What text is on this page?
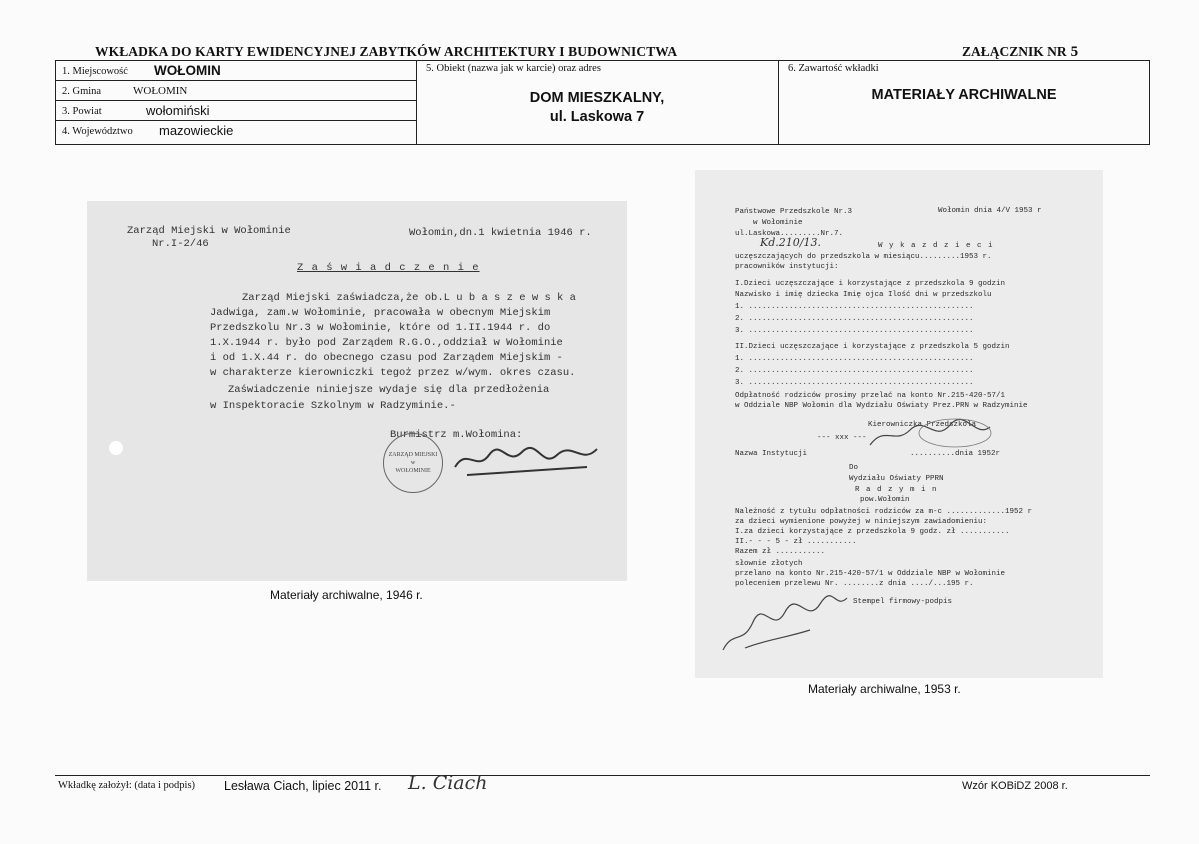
WKŁADKA DO KARTY EWIDENCYJNEJ ZABYTKÓW ARCHITEKTURY I BUDOWNICTWA	ZAŁĄCZNIK NR 5
1. Miejscowość WOŁOMIN
2. Gmina	WOŁOMIN
3. Powiat	wołomiński
4. Województwo mazowieckie
5. Obiekt (nazwa jak w karcie) oraz adres
DOM MIESZKALNY,
ul. Laskowa 7
6. Zawartość wkładki
MATERIAŁY ARCHIWALNE
Zarząd Miejski w Wołominie
Nr.I-2/46
Wołomin,dn.1 kwietnia 1946 r.
Z a ś w i a d c z e n i e
Zarząd Miejski zaświadcza,że ob.L u b a s z e w s k a
Jadwiga, zam.w Wołominie, pracowała w obecnym Miejskim
Przedszkolu Nr.3 w Wołominie, które od 1.II.1944 r. do
1.X.1944 r. było pod Zarządem R.G.O.,oddział w Wołominie
i od 1.X.44 r. do obecnego czasu pod Zarządem Miejskim -
w charakterze kierowniczki tegoż przez w/wym. okres czasu.
Zaświadczenie niniejsze wydaje się dla przedłożenia
w Inspektoracie Szkolnym w Radzyminie.-
Burmistrz m.Wołomina:
ZARZĄD MIEJSKI
w
WOŁOMINIE
Materiały archiwalne, 1946 r.
Państwowe Przedszkole Nr.3	Wołomin dnia 4/V 1953 r
w Wołominie
ul.Laskowa.........Nr.7.
Kd.210/13.	W y k a z d z i e c i
uczęszczających do przedszkola w miesiącu.........1953 r.
pracowników instytucji:
I.Dzieci uczęszczające i korzystające z przedszkola 9 godzin
Nazwisko i imię dziecka Imię ojca Ilość dni w przedszkolu
1. ..................................................
2. ..................................................
3. ..................................................
II.Dzieci uczęszczające i korzystające z przedszkola 5 godzin
1. ..................................................
2. ..................................................
3. ..................................................
Odpłatność rodziców prosimy przelać na konto Nr.215-420-57/1
w Oddziale NBP Wołomin dla Wydziału Oświaty Prez.PRN w Radzyminie
Kierowniczka Przedszkola
--- xxx ---
Nazwa Instytucji	..........dnia 1952r
Do
Wydziału Oświaty PPRN
R a d z y m i n
pow.Wołomin
Należność z tytułu odpłatności rodziców za m-c .............1952 r
za dzieci wymienione powyżej w niniejszym zawiadomieniu:
I.za dzieci korzystające z przedszkola 9 godz. zł ...........
II.- - - 5 - zł ...........
Razem zł ...........
słownie złotych
przelano na konto Nr.215-420-57/1 w Oddziale NBP w Wołominie
poleceniem przelewu Nr. ........z dnia ..../...195 r.
Stempel firmowy-podpis
Materiały archiwalne, 1953 r.
Wkładkę założył: (data i podpis) Lesława Ciach, lipiec 2011 r. L. Ciach	Wzór KOBiDZ 2008 r.
